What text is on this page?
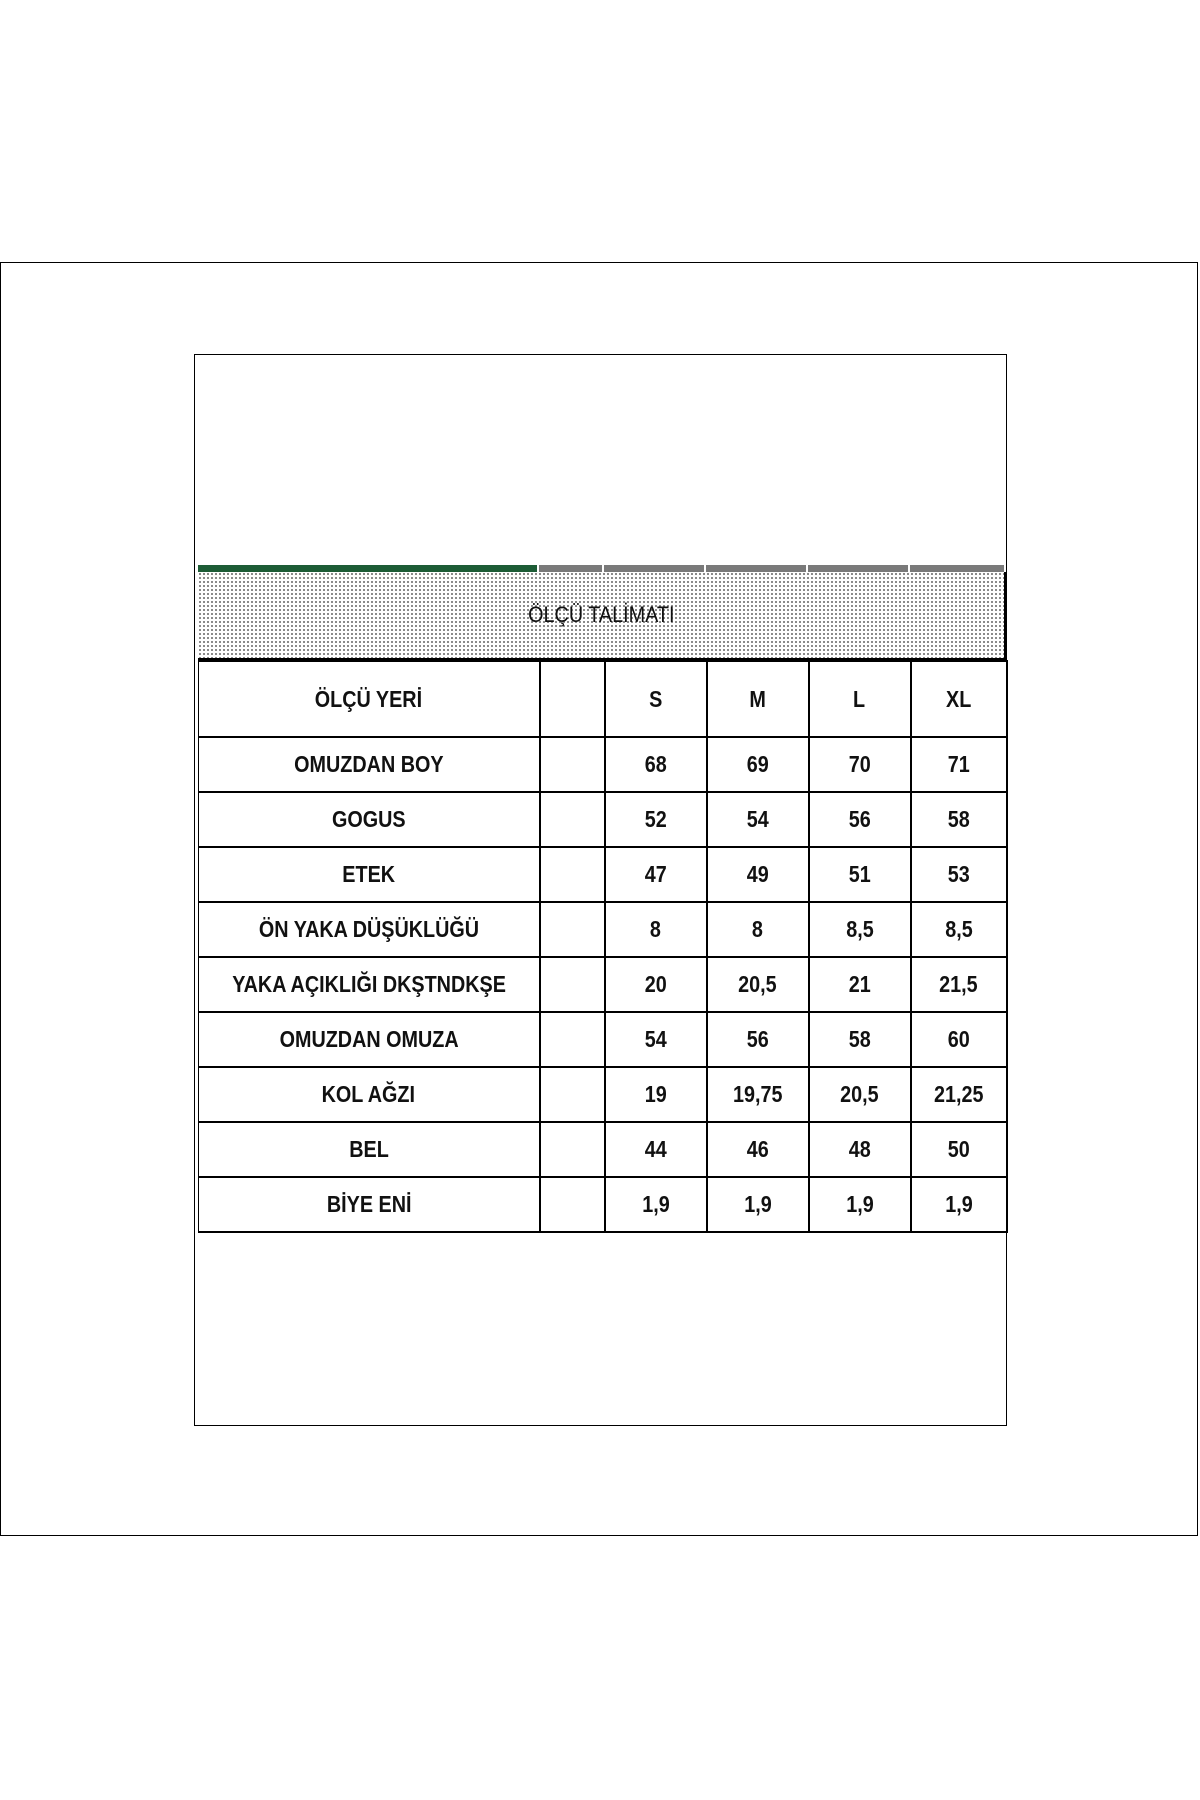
ÖLÇÜ TALİMATI
ÖLÇÜ YERİ		S	M	L	XL
OMUZDAN BOY		68	69	70	71
GOGUS		52	54	56	58
ETEK		47	49	51	53
ÖN YAKA DÜŞÜKLÜĞÜ		8	8	8,5	8,5
YAKA AÇIKLIĞI DKŞTNDKŞE		20	20,5	21	21,5
OMUZDAN OMUZA		54	56	58	60
KOL AĞZI		19	19,75	20,5	21,25
BEL		44	46	48	50
BİYE ENİ		1,9	1,9	1,9	1,9
